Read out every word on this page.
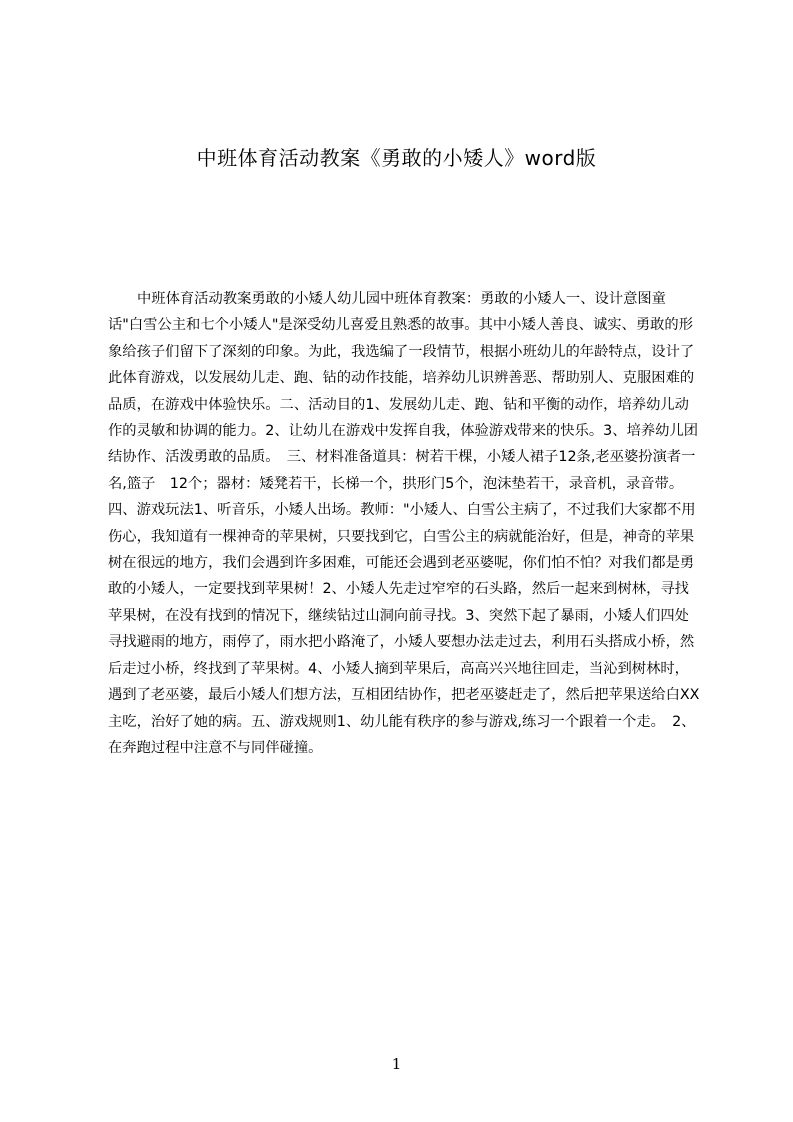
中班体育活动教案《勇敢的小矮人》word版

中班体育活动教案勇敢的小矮人幼儿园中班体育教案：勇敢的小矮人一、设计意图童话"白雪公主和七个小矮人"是深受幼儿喜爱且熟悉的故事。其中小矮人善良、诚实、勇敢的形象给孩子们留下了深刻的印象。为此，我选编了一段情节，根据小班幼儿的年龄特点，设计了此体育游戏，以发展幼儿走、跑、钻的动作技能，培养幼儿识辨善恶、帮助别人、克服困难的品质，在游戏中体验快乐。二、活动目的1、发展幼儿走、跑、钻和平衡的动作，培养幼儿动作的灵敏和协调的能力。2、让幼儿在游戏中发挥自我，体验游戏带来的快乐。3、培养幼儿团结协作、活泼勇敢的品质。　三、材料准备道具：树若干棵，小矮人裙子12条,老巫婆扮演者一名,篮子　12个；器材：矮凳若干，长梯一个，拱形门5个，泡沫垫若干，录音机，录音带。四、游戏玩法1、听音乐，小矮人出场。教师："小矮人、白雪公主病了，不过我们大家都不用伤心，我知道有一棵神奇的苹果树，只要找到它，白雪公主的病就能治好，但是，神奇的苹果树在很远的地方，我们会遇到许多困难，可能还会遇到老巫婆呢，你们怕不怕？对我们都是勇敢的小矮人，一定要找到苹果树！2、小矮人先走过窄窄的石头路，然后一起来到树林，寻找苹果树，在没有找到的情况下，继续钻过山洞向前寻找。3、突然下起了暴雨，小矮人们四处寻找避雨的地方，雨停了，雨水把小路淹了，小矮人要想办法走过去，利用石头搭成小桥，然后走过小桥，终找到了苹果树。4、小矮人摘到苹果后，高高兴兴地往回走，当沁到树林时，遇到了老巫婆，最后小矮人们想方法，互相团结协作，把老巫婆赶走了，然后把苹果送给白XX主吃，治好了她的病。五、游戏规则1、幼儿能有秩序的参与游戏,练习一个跟着一个走。　2、在奔跑过程中注意不与同伴碰撞。

1
